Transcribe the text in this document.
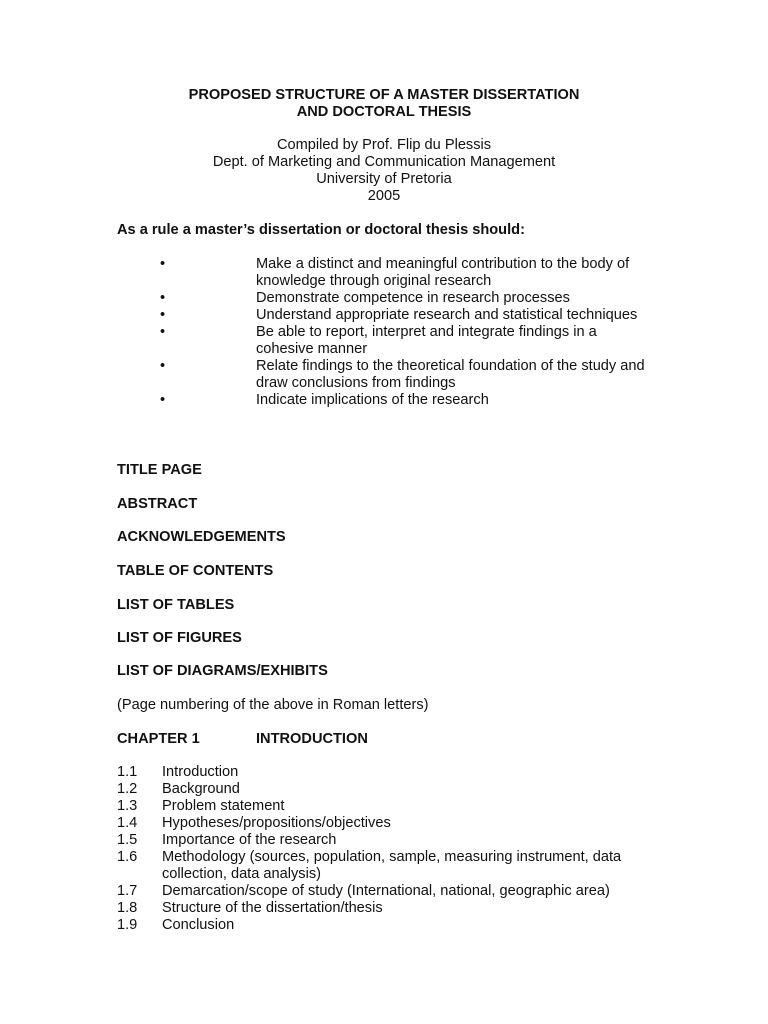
PROPOSED STRUCTURE OF A MASTER DISSERTATION
AND DOCTORAL THESIS
Compiled by Prof. Flip du Plessis
Dept. of Marketing and Communication Management
University of Pretoria
2005
As a rule a master’s dissertation or doctoral thesis should:
•	Make a distinct and meaningful contribution to the body of knowledge through original research
•	Demonstrate competence in research processes
•	Understand appropriate research and statistical techniques
•	Be able to report, interpret and integrate findings in a cohesive manner
•	Relate findings to the theoretical foundation of the study and draw conclusions from findings
•	Indicate implications of the research
TITLE PAGE
ABSTRACT
ACKNOWLEDGEMENTS
TABLE OF CONTENTS
LIST OF TABLES
LIST OF FIGURES
LIST OF DIAGRAMS/EXHIBITS
(Page numbering of the above in Roman letters)
CHAPTER 1	INTRODUCTION
1.1	Introduction
1.2	Background
1.3	Problem statement
1.4	Hypotheses/propositions/objectives
1.5	Importance of the research
1.6	Methodology (sources, population, sample, measuring instrument, data collection, data analysis)
1.7	Demarcation/scope of study (International, national, geographic area)
1.8	Structure of the dissertation/thesis
1.9	Conclusion
